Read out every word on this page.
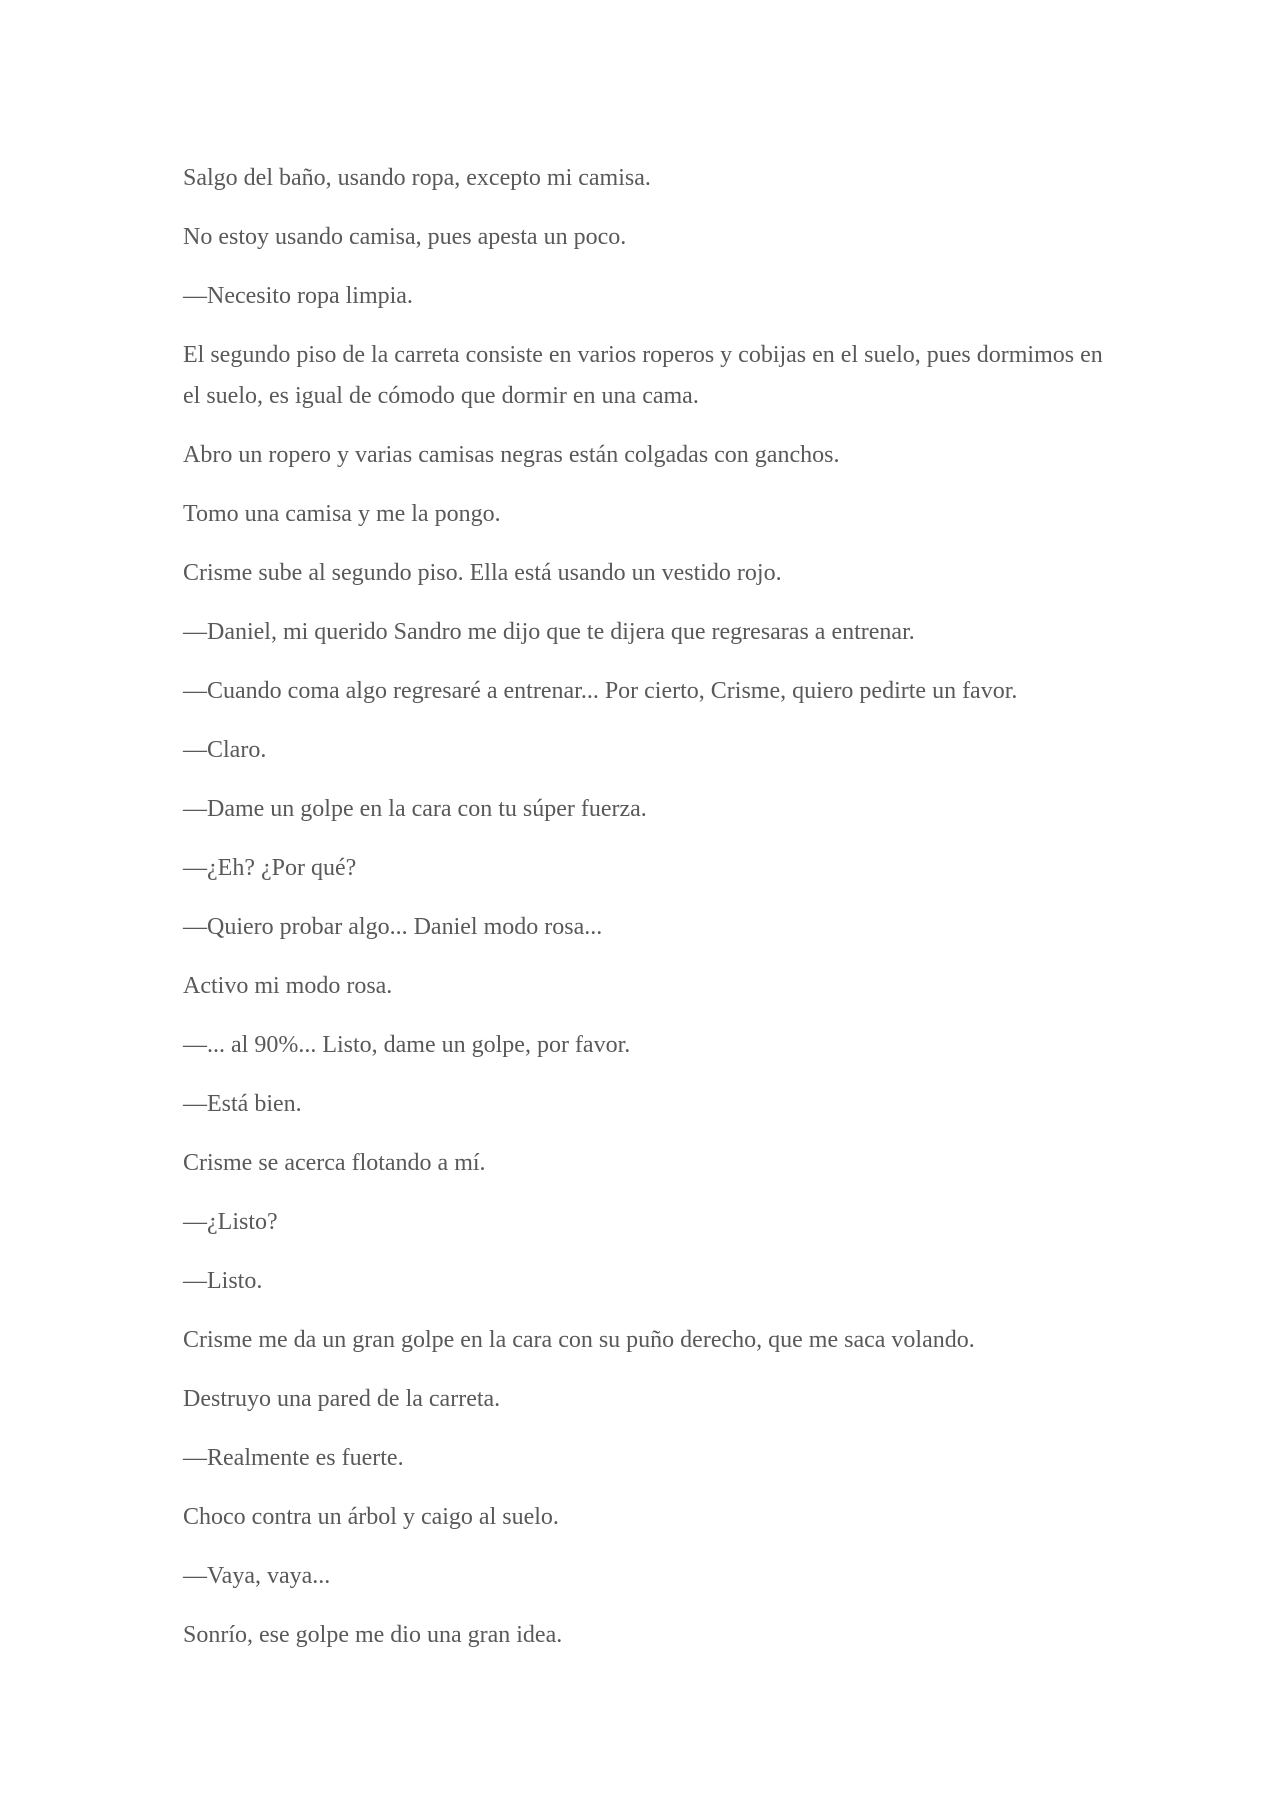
Salgo del baño, usando ropa, excepto mi camisa.

No estoy usando camisa, pues apesta un poco.

—Necesito ropa limpia.

El segundo piso de la carreta consiste en varios roperos y cobijas en el suelo, pues dormimos en el suelo, es igual de cómodo que dormir en una cama.

Abro un ropero y varias camisas negras están colgadas con ganchos.

Tomo una camisa y me la pongo.

Crisme sube al segundo piso. Ella está usando un vestido rojo.

—Daniel, mi querido Sandro me dijo que te dijera que regresaras a entrenar.

—Cuando coma algo regresaré a entrenar... Por cierto, Crisme, quiero pedirte un favor.

—Claro.

—Dame un golpe en la cara con tu súper fuerza.

—¿Eh? ¿Por qué?

—Quiero probar algo... Daniel modo rosa...

Activo mi modo rosa.

—... al 90%... Listo, dame un golpe, por favor.

—Está bien.

Crisme se acerca flotando a mí.

—¿Listo?

—Listo.

Crisme me da un gran golpe en la cara con su puño derecho, que me saca volando.

Destruyo una pared de la carreta.

—Realmente es fuerte.

Choco contra un árbol y caigo al suelo.

—Vaya, vaya...

Sonrío, ese golpe me dio una gran idea.
